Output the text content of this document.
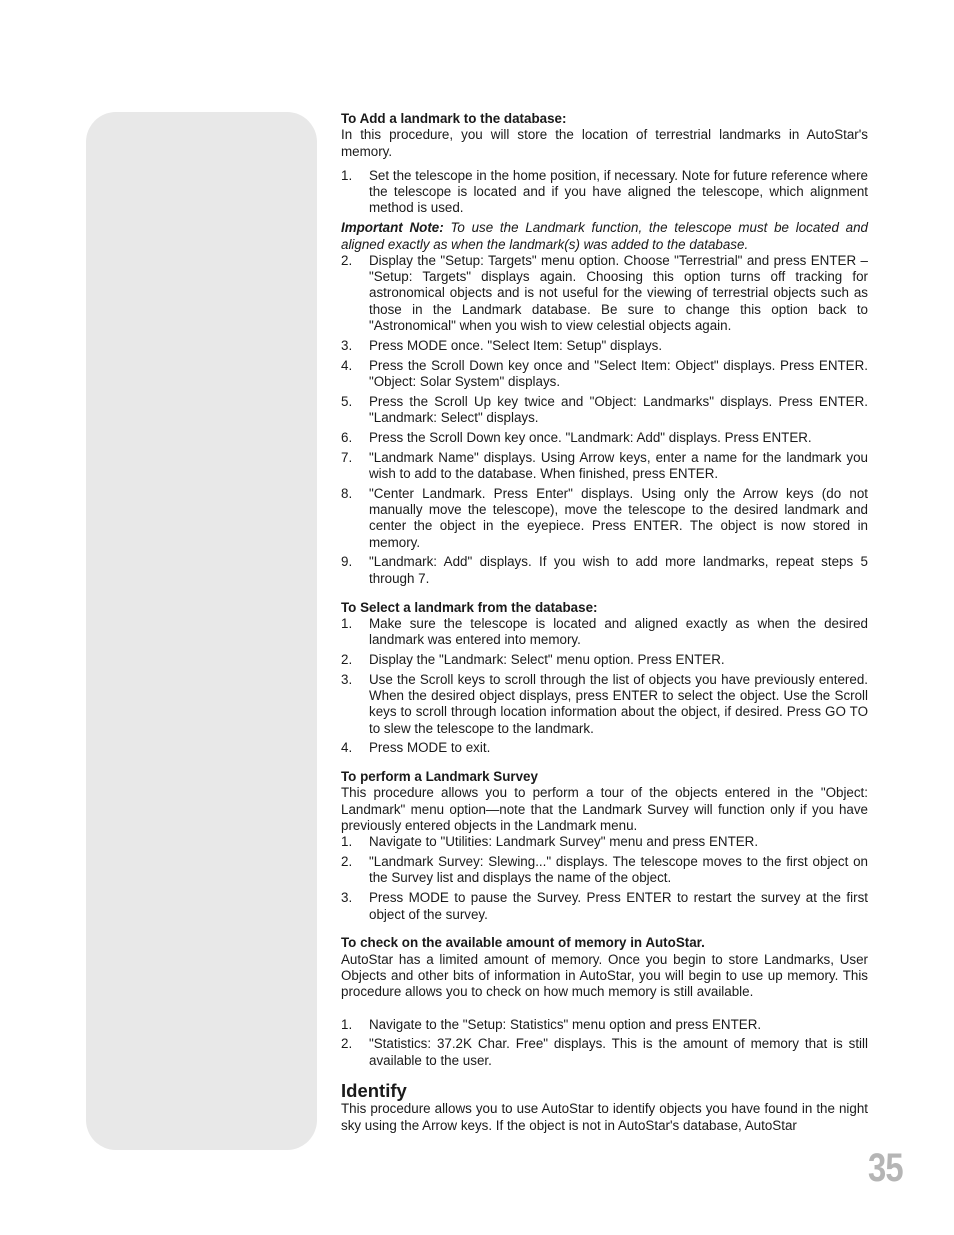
To Add a landmark to the database:

In this procedure, you will store the location of terrestrial landmarks in AutoStar's memory.

1. Set the telescope in the home position, if necessary. Note for future reference where the telescope is located and if you have aligned the telescope, which alignment method is used.

Important Note: To use the Landmark function, the telescope must be located and aligned exactly as when the landmark(s) was added to the database.

2. Display the "Setup: Targets" menu option. Choose "Terrestrial" and press ENTER – "Setup: Targets" displays again. Choosing this option turns off tracking for astronomical objects and is not useful for the viewing of terrestrial objects such as those in the Landmark database. Be sure to change this option back to "Astronomical" when you wish to view celestial objects again.
3. Press MODE once. "Select Item: Setup" displays.
4. Press the Scroll Down key once and "Select Item: Object" displays. Press ENTER. "Object: Solar System" displays.
5. Press the Scroll Up key twice and "Object: Landmarks" displays. Press ENTER. "Landmark: Select" displays.
6. Press the Scroll Down key once. "Landmark: Add" displays. Press ENTER.
7. "Landmark Name" displays. Using Arrow keys, enter a name for the landmark you wish to add to the database. When finished, press ENTER.
8. "Center Landmark. Press Enter" displays. Using only the Arrow keys (do not manually move the telescope), move the telescope to the desired landmark and center the object in the eyepiece. Press ENTER. The object is now stored in memory.
9. "Landmark: Add" displays. If you wish to add more landmarks, repeat steps 5 through 7.
To Select a landmark from the database:
1. Make sure the telescope is located and aligned exactly as when the desired landmark was entered into memory.
2. Display the "Landmark: Select" menu option. Press ENTER.
3. Use the Scroll keys to scroll through the list of objects you have previously entered. When the desired object displays, press ENTER to select the object. Use the Scroll keys to scroll through location information about the object, if desired. Press GO TO to slew the telescope to the landmark.
4. Press MODE to exit.
To perform a Landmark Survey

This procedure allows you to perform a tour of the objects entered in the "Object: Landmark" menu option—note that the Landmark Survey will function only if you have previously entered objects in the Landmark menu.

1. Navigate to "Utilities: Landmark Survey" menu and press ENTER.
2. "Landmark Survey: Slewing..." displays. The telescope moves to the first object on the Survey list and displays the name of the object.
3. Press MODE to pause the Survey. Press ENTER to restart the survey at the first object of the survey.
To check on the available amount of memory in AutoStar.

AutoStar has a limited amount of memory. Once you begin to store Landmarks, User Objects and other bits of information in AutoStar, you will begin to use up memory. This procedure allows you to check on how much memory is still available.

1. Navigate to the "Setup: Statistics" menu option and press ENTER.
2. "Statistics: 37.2K Char. Free" displays. This is the amount of memory that is still available to the user.
Identify

This procedure allows you to use AutoStar to identify objects you have found in the night sky using the Arrow keys. If the object is not in AutoStar's database, AutoStar

35
